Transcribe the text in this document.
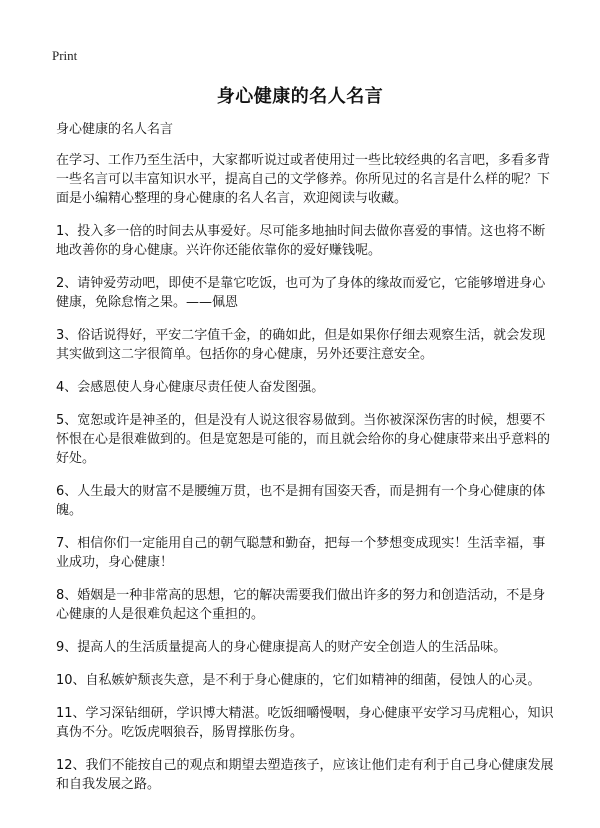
Print
身心健康的名人名言

身心健康的名人名言

在学习、工作乃至生活中，大家都听说过或者使用过一些比较经典的名言吧，多看多背一些名言可以丰富知识水平，提高自己的文学修养。你所见过的名言是什么样的呢？下面是小编精心整理的身心健康的名人名言，欢迎阅读与收藏。

1、投入多一倍的时间去从事爱好。尽可能多地抽时间去做你喜爱的事情。这也将不断地改善你的身心健康。兴许你还能依靠你的爱好赚钱呢。

2、请钟爱劳动吧，即使不是靠它吃饭，也可为了身体的缘故而爱它，它能够增进身心健康，免除怠惰之果。——佩恩

3、俗话说得好，平安二字值千金，的确如此，但是如果你仔细去观察生活，就会发现其实做到这二字很简单。包括你的身心健康，另外还要注意安全。

4、会感恩使人身心健康尽责任使人奋发图强。

5、宽恕或许是神圣的，但是没有人说这很容易做到。当你被深深伤害的时候，想要不怀恨在心是很难做到的。但是宽恕是可能的，而且就会给你的身心健康带来出乎意料的好处。

6、人生最大的财富不是腰缠万贯，也不是拥有国姿天香，而是拥有一个身心健康的体魄。

7、相信你们一定能用自己的朝气聪慧和勤奋，把每一个梦想变成现实！生活幸福，事业成功，身心健康！

8、婚姻是一种非常高的思想，它的解决需要我们做出许多的努力和创造活动，不是身心健康的人是很难负起这个重担的。

9、提高人的生活质量提高人的身心健康提高人的财产安全创造人的生活品味。

10、自私嫉妒颓丧失意，是不利于身心健康的，它们如精神的细菌，侵蚀人的心灵。

11、学习深钻细研，学识博大精湛。吃饭细嚼慢咽，身心健康平安学习马虎粗心，知识真伪不分。吃饭虎咽狼吞，肠胃撑胀伤身。

12、我们不能按自己的观点和期望去塑造孩子，应该让他们走有利于自己身心健康发展和自我发展之路。
